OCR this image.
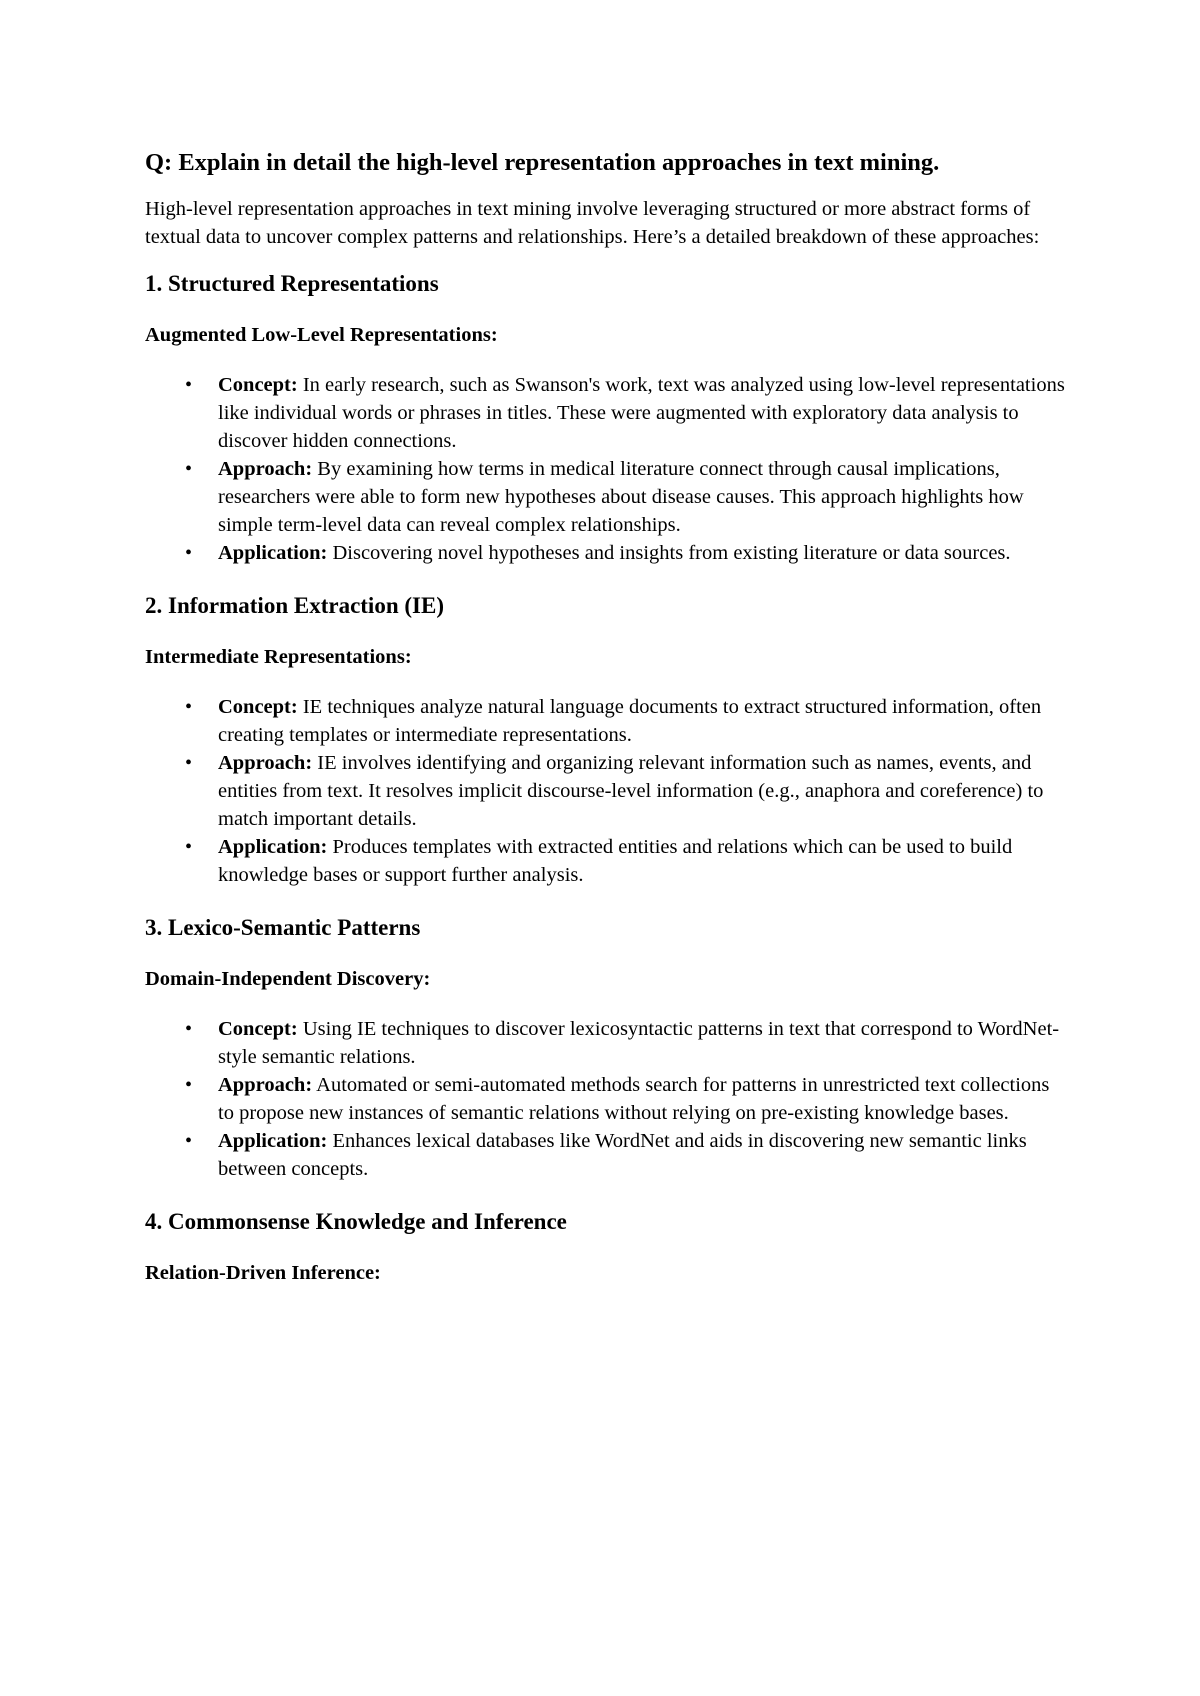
Q: Explain in detail the high-level representation approaches in text mining.

High-level representation approaches in text mining involve leveraging structured or more abstract forms of textual data to uncover complex patterns and relationships. Here’s a detailed breakdown of these approaches:

1. Structured Representations
Augmented Low-Level Representations:
• Concept: In early research, such as Swanson's work, text was analyzed using low-level representations like individual words or phrases in titles. These were augmented with exploratory data analysis to discover hidden connections.
• Approach: By examining how terms in medical literature connect through causal implications, researchers were able to form new hypotheses about disease causes. This approach highlights how simple term-level data can reveal complex relationships.
• Application: Discovering novel hypotheses and insights from existing literature or data sources.
2. Information Extraction (IE)
Intermediate Representations:
• Concept: IE techniques analyze natural language documents to extract structured information, often creating templates or intermediate representations.
• Approach: IE involves identifying and organizing relevant information such as names, events, and entities from text. It resolves implicit discourse-level information (e.g., anaphora and coreference) to match important details.
• Application: Produces templates with extracted entities and relations which can be used to build knowledge bases or support further analysis.
3. Lexico-Semantic Patterns
Domain-Independent Discovery:
• Concept: Using IE techniques to discover lexicosyntactic patterns in text that correspond to WordNet-style semantic relations.
• Approach: Automated or semi-automated methods search for patterns in unrestricted text collections to propose new instances of semantic relations without relying on pre-existing knowledge bases.
• Application: Enhances lexical databases like WordNet and aids in discovering new semantic links between concepts.
4. Commonsense Knowledge and Inference
Relation-Driven Inference:
